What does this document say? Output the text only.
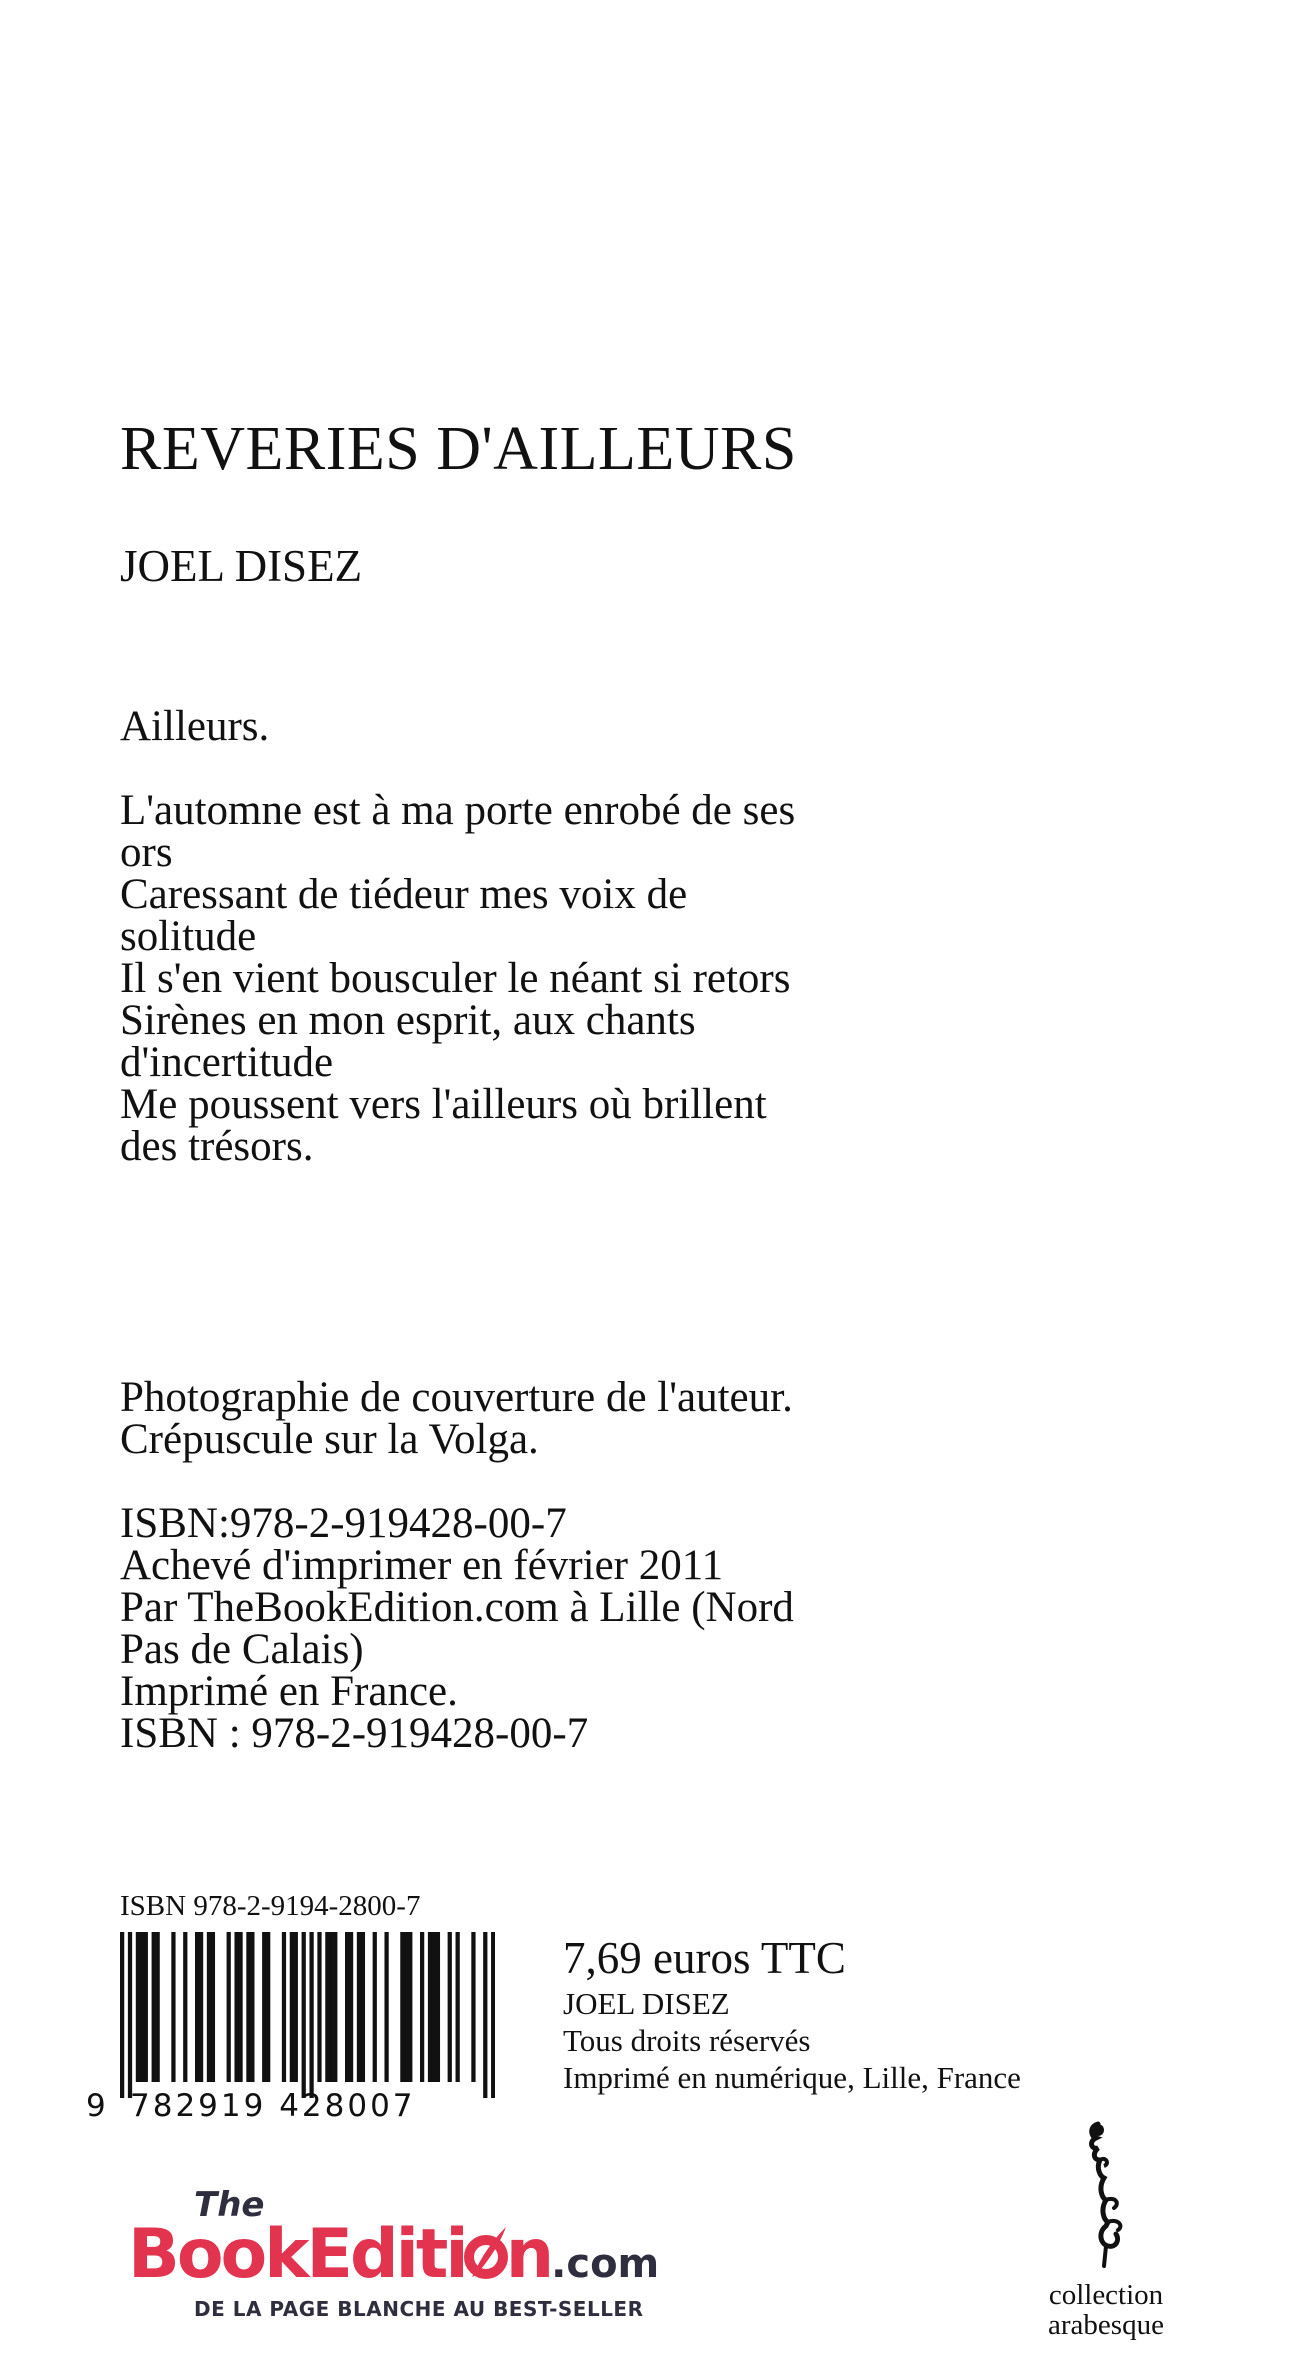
REVERIES D'AILLEURS
JOEL DISEZ
Ailleurs.
L'automne est à ma porte enrobé de ses
ors
Caressant de tiédeur mes voix de
solitude
Il s'en vient bousculer le néant si retors
Sirènes en mon esprit, aux chants
d'incertitude
Me poussent vers l'ailleurs où brillent
des trésors.
Photographie de couverture de l'auteur.
Crépuscule sur la Volga.
ISBN:978-2-919428-00-7
Achevé d'imprimer en février 2011
Par TheBookEdition.com à Lille (Nord
Pas de Calais)
Imprimé en France.
ISBN : 978-2-919428-00-7
ISBN 978-2-9194-2800-7
9 782919 428007
7,69 euros TTC
JOEL DISEZ
Tous droits réservés
Imprimé en numérique, Lille, France
The
BookEditi n.com
DE LA PAGE BLANCHE AU BEST-SELLER	collection
arabesque
